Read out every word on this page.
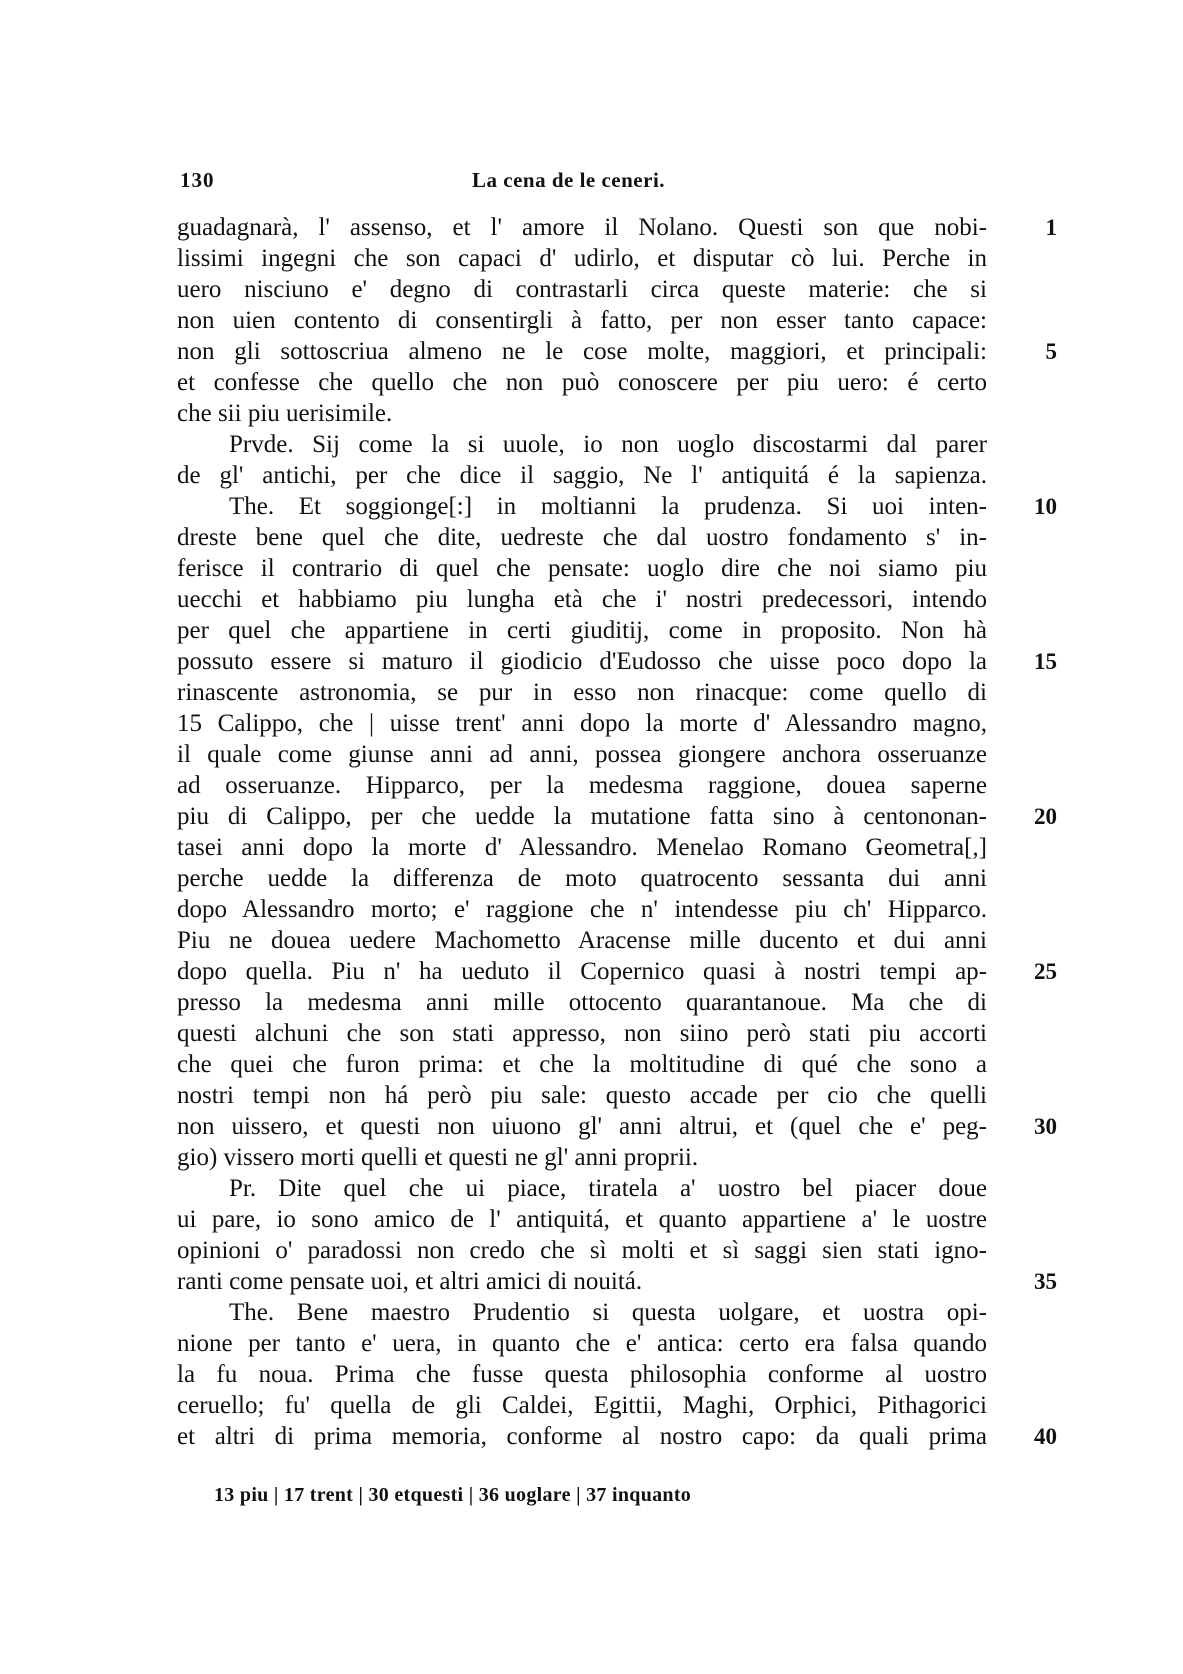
130	La cena de le ceneri.
guadagnarà, l' assenso, et l' amore il Nolano. Questi son que nobi-	1
lissimi ingegni che son capaci d' udirlo, et disputar cò lui. Perche in
uero nisciuno e' degno di contrastarli circa queste materie: che si
non uien contento di consentirgli à fatto, per non esser tanto capace:
non gli sottoscriua almeno ne le cose molte, maggiori, et principali:	5
et confesse che quello che non può conoscere per piu uero: é certo
che sii piu uerisimile.
Prvde. Sij come la si uuole, io non uoglo discostarmi dal parer
de gl' antichi, per che dice il saggio, Ne l' antiquitá é la sapienza.
The. Et soggionge[:] in moltianni la prudenza. Si uoi inten-	10
dreste bene quel che dite, uedreste che dal uostro fondamento s' in-
ferisce il contrario di quel che pensate: uoglo dire che noi siamo piu
uecchi et habbiamo piu lungha età che i' nostri predecessori, intendo
per quel che appartiene in certi giuditij, come in proposito. Non hà
possuto essere si maturo il giodicio d'Eudosso che uisse poco dopo la	15
rinascente astronomia, se pur in esso non rinacque: come quello di
15 Calippo, che | uisse trent' anni dopo la morte d' Alessandro magno,
il quale come giunse anni ad anni, possea giongere anchora osseruanze
ad osseruanze. Hipparco, per la medesma raggione, douea saperne
piu di Calippo, per che uedde la mutatione fatta sino à centononan-	20
tasei anni dopo la morte d' Alessandro. Menelao Romano Geometra[,]
perche uedde la differenza de moto quatrocento sessanta dui anni
dopo Alessandro morto; e' raggione che n' intendesse piu ch' Hipparco.
Piu ne douea uedere Machometto Aracense mille ducento et dui anni
dopo quella. Piu n' ha ueduto il Copernico quasi à nostri tempi ap-	25
presso la medesma anni mille ottocento quarantanoue. Ma che di
questi alchuni che son stati appresso, non siino però stati piu accorti
che quei che furon prima: et che la moltitudine di qué che sono a
nostri tempi non há però piu sale: questo accade per cio che quelli
non uissero, et questi non uiuono gl' anni altrui, et (quel che e' peg-	30
gio) vissero morti quelli et questi ne gl' anni proprii.
Pr. Dite quel che ui piace, tiratela a' uostro bel piacer doue
ui pare, io sono amico de l' antiquitá, et quanto appartiene a' le uostre
opinioni o' paradossi non credo che sì molti et sì saggi sien stati igno-
ranti come pensate uoi, et altri amici di nouitá.	35
The. Bene maestro Prudentio si questa uolgare, et uostra opi-
nione per tanto e' uera, in quanto che e' antica: certo era falsa quando
la fu noua. Prima che fusse questa philosophia conforme al uostro
ceruello; fu' quella de gli Caldei, Egittii, Maghi, Orphici, Pithagorici
et altri di prima memoria, conforme al nostro capo: da quali prima	40
13 piu | 17 trent | 30 etquesti | 36 uoglare | 37 inquanto
